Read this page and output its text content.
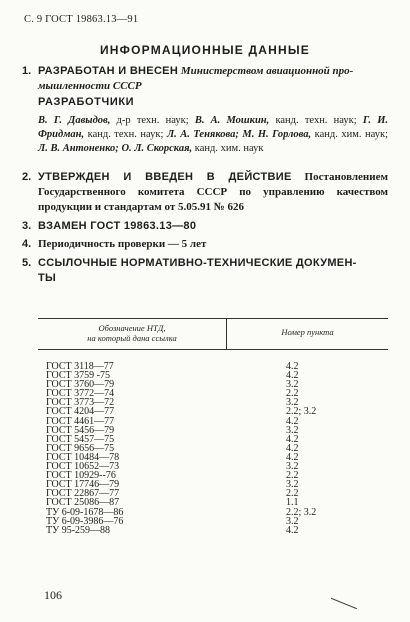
С. 9 ГОСТ 19863.13—91
ИНФОРМАЦИОННЫЕ ДАННЫЕ
1. РАЗРАБОТАН И ВНЕСЕН Министерством авиационной про-
мышленности СССР
РАЗРАБОТЧИКИ
В. Г. Давыдов, д-р техн. наук; В. А. Мошкин, канд. техн. наук; Г. И. Фридман, канд. техн. наук; Л. А. Тенякова; М. Н. Горлова, канд. хим. наук; Л. В. Антоненко; О. Л. Скорская, канд. хим. наук
2. УТВЕРЖДЕН И ВВЕДЕН В ДЕЙСТВИЕ Постановлением Государственного комитета СССР по управлению качеством продукции и стандартам от 5.05.91 № 626
3. ВЗАМЕН ГОСТ 19863.13—80
4. Периодичность проверки — 5 лет
5. ССЫЛОЧНЫЕ НОРМАТИВНО-ТЕХНИЧЕСКИЕ ДОКУМЕН-
ТЫ
Обозначение НТД,
на который дана ссылка
Номер пункта
ГОСТ 3118—77	4.2
ГОСТ 3759 -75	4.2
ГОСТ 3760—79	3.2
ГОСТ 3772—74	2.2
ГОСТ 3773—72	3.2
ГОСТ 4204—77	2.2; 3.2
ГОСТ 4461—77	4.2
ГОСТ 5456—79	3.2
ГОСТ 5457—75	4.2
ГОСТ 9656—75	4.2
ГОСТ 10484—78	4.2
ГОСТ 10652—73	3.2
ГОСТ 10929--76	2.2
ГОСТ 17746—79	3.2
ГОСТ 22867—77	2.2
ГОСТ 25086—87	1.1
ТУ 6-09-1678—86	2.2; 3.2
ТУ 6-09-3986—76	3.2
ТУ 95-259—88	4.2
106
